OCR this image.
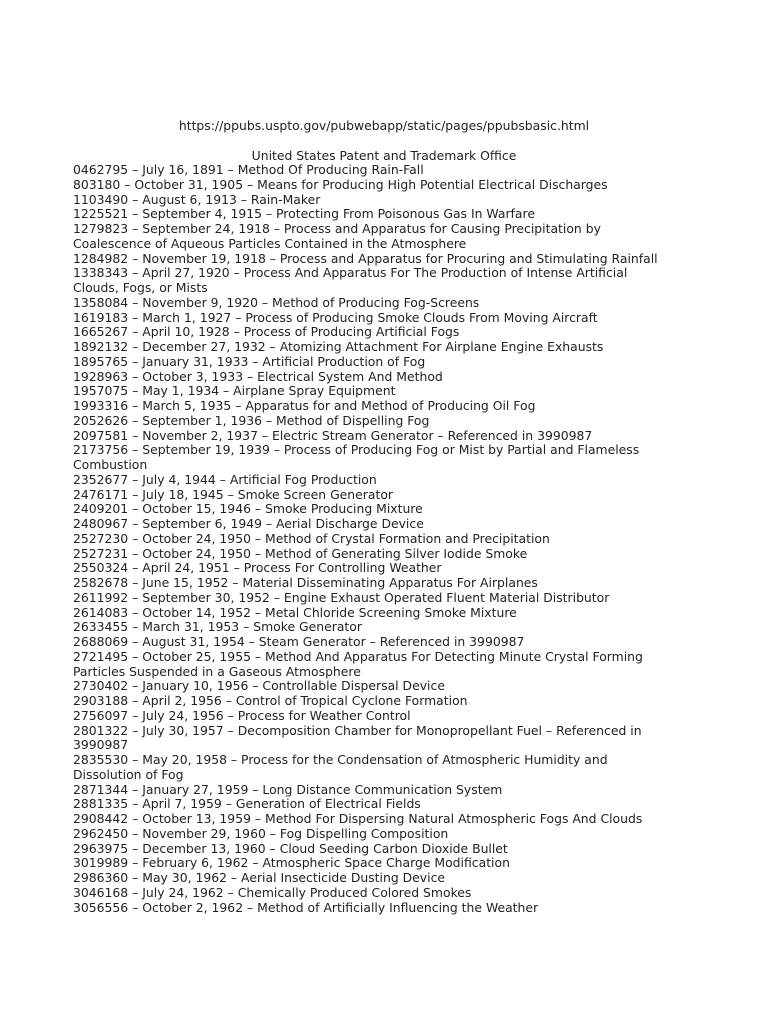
https://ppubs.uspto.gov/pubwebapp/static/pages/ppubsbasic.html
United States Patent and Trademark Office
0462795 – July 16, 1891 – Method Of Producing Rain-Fall
803180 – October 31, 1905 – Means for Producing High Potential Electrical Discharges
1103490 – August 6, 1913 – Rain-Maker
1225521 – September 4, 1915 – Protecting From Poisonous Gas In Warfare
1279823 – September 24, 1918 – Process and Apparatus for Causing Precipitation by
Coalescence of Aqueous Particles Contained in the Atmosphere
1284982 – November 19, 1918 – Process and Apparatus for Procuring and Stimulating Rainfall
1338343 – April 27, 1920 – Process And Apparatus For The Production of Intense Artificial
Clouds, Fogs, or Mists
1358084 – November 9, 1920 – Method of Producing Fog-Screens
1619183 – March 1, 1927 – Process of Producing Smoke Clouds From Moving Aircraft
1665267 – April 10, 1928 – Process of Producing Artificial Fogs
1892132 – December 27, 1932 – Atomizing Attachment For Airplane Engine Exhausts
1895765 – January 31, 1933 – Artificial Production of Fog
1928963 – October 3, 1933 – Electrical System And Method
1957075 – May 1, 1934 – Airplane Spray Equipment
1993316 – March 5, 1935 – Apparatus for and Method of Producing Oil Fog
2052626 – September 1, 1936 – Method of Dispelling Fog
2097581 – November 2, 1937 – Electric Stream Generator – Referenced in 3990987
2173756 – September 19, 1939 – Process of Producing Fog or Mist by Partial and Flameless
Combustion
2352677 – July 4, 1944 – Artificial Fog Production
2476171 – July 18, 1945 – Smoke Screen Generator
2409201 – October 15, 1946 – Smoke Producing Mixture
2480967 – September 6, 1949 – Aerial Discharge Device
2527230 – October 24, 1950 – Method of Crystal Formation and Precipitation
2527231 – October 24, 1950 – Method of Generating Silver Iodide Smoke
2550324 – April 24, 1951 – Process For Controlling Weather
2582678 – June 15, 1952 – Material Disseminating Apparatus For Airplanes
2611992 – September 30, 1952 – Engine Exhaust Operated Fluent Material Distributor
2614083 – October 14, 1952 – Metal Chloride Screening Smoke Mixture
2633455 – March 31, 1953 – Smoke Generator
2688069 – August 31, 1954 – Steam Generator – Referenced in 3990987
2721495 – October 25, 1955 – Method And Apparatus For Detecting Minute Crystal Forming
Particles Suspended in a Gaseous Atmosphere
2730402 – January 10, 1956 – Controllable Dispersal Device
2903188 – April 2, 1956 – Control of Tropical Cyclone Formation
2756097 – July 24, 1956 – Process for Weather Control
2801322 – July 30, 1957 – Decomposition Chamber for Monopropellant Fuel – Referenced in
3990987
2835530 – May 20, 1958 – Process for the Condensation of Atmospheric Humidity and
Dissolution of Fog
2871344 – January 27, 1959 – Long Distance Communication System
2881335 – April 7, 1959 – Generation of Electrical Fields
2908442 – October 13, 1959 – Method For Dispersing Natural Atmospheric Fogs And Clouds
2962450 – November 29, 1960 – Fog Dispelling Composition
2963975 – December 13, 1960 – Cloud Seeding Carbon Dioxide Bullet
3019989 – February 6, 1962 – Atmospheric Space Charge Modification
2986360 – May 30, 1962 – Aerial Insecticide Dusting Device
3046168 – July 24, 1962 – Chemically Produced Colored Smokes
3056556 – October 2, 1962 – Method of Artificially Influencing the Weather
